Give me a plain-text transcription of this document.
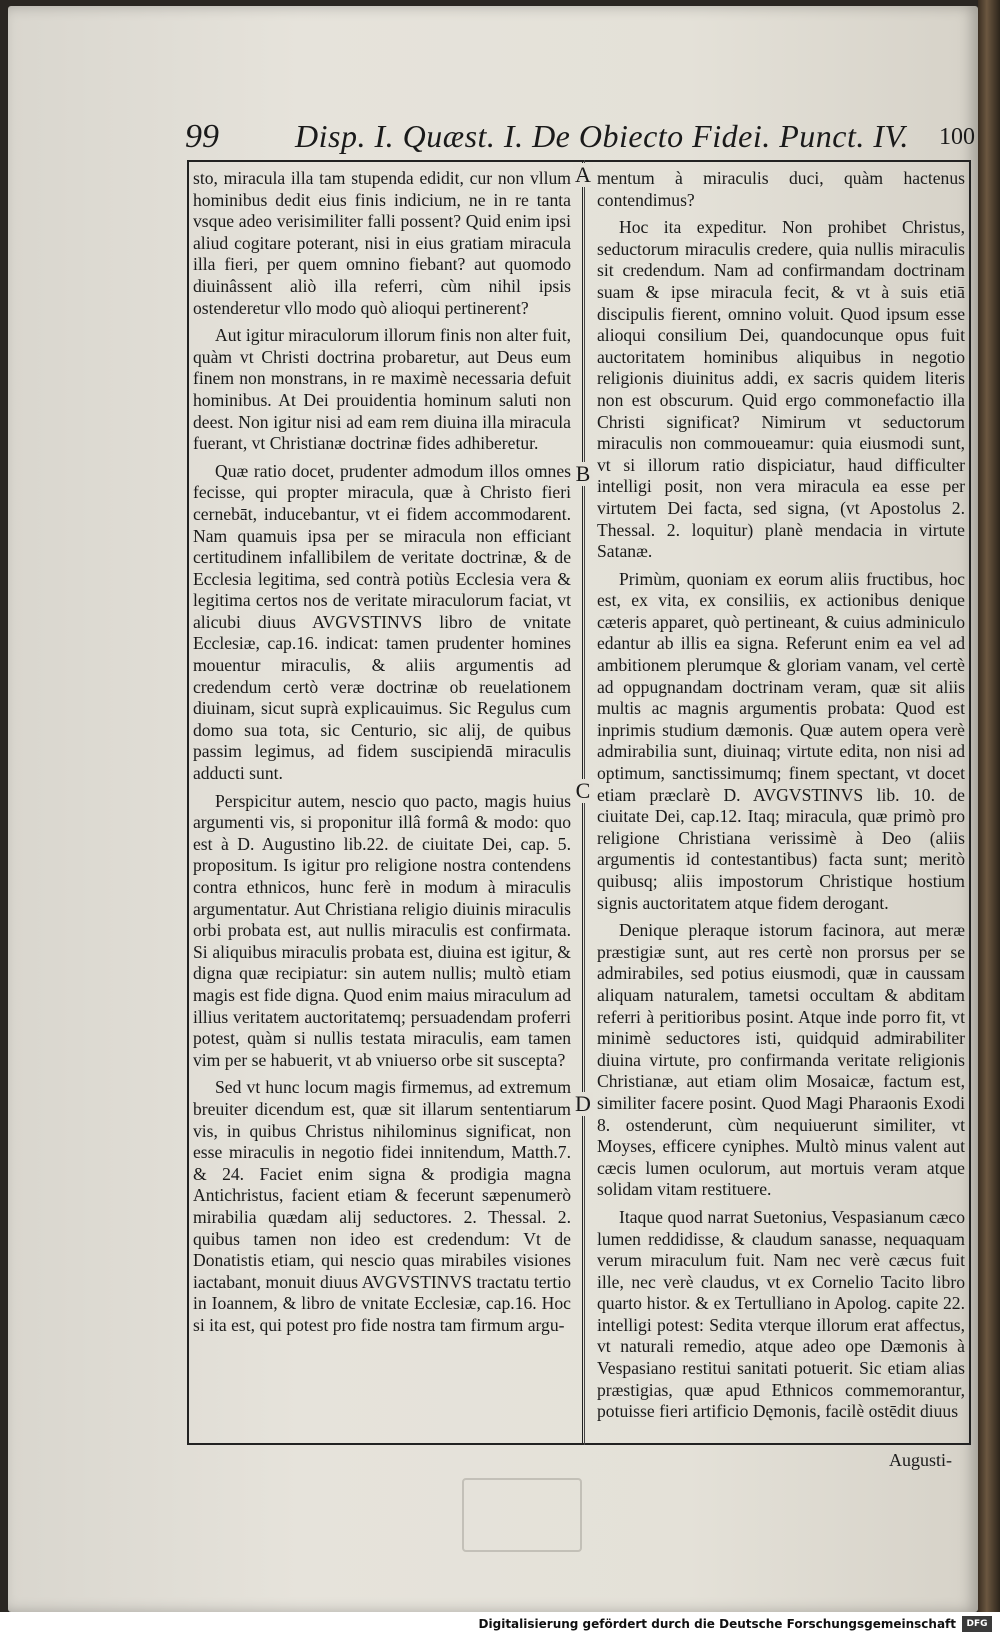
99 Disp. I. Quæst. I. De Obiecto Fidei. Punct. IV. 100

sto, miracula illa tam stupenda edidit, cur non vllum hominibus dedit eius finis indicium, ne in re tanta vsque adeo verisimiliter falli possent? Quid enim ipsi aliud cogitare poterant, nisi in eius gratiam miracula illa fieri, per quem omnino fiebant? aut quomodo diuinâssent aliò illa referri, cùm nihil ipsis ostenderetur vllo modo quò alioqui pertinerent?

Aut igitur miraculorum illorum finis non alter fuit, quàm vt Christi doctrina probaretur, aut Deus eum finem non monstrans, in re maximè necessaria defuit hominibus. At Dei prouidentia hominum saluti non deest. Non igitur nisi ad eam rem diuina illa miracula fuerant, vt Christianæ doctrinæ fides adhiberetur.

Quæ ratio docet, prudenter admodum illos omnes fecisse, qui propter miracula, quæ à Christo fieri cernebāt, inducebantur, vt ei fidem accommodarent. Nam quamuis ipsa per se miracula non efficiant certitudinem infallibilem de veritate doctrinæ, & de Ecclesia legitima, sed contrà potiùs Ecclesia vera & legitima certos nos de veritate miraculorum faciat, vt alicubi diuus AVGVSTINVS libro de vnitate Ecclesiæ, cap.16. indicat: tamen prudenter homines mouentur miraculis, & aliis argumentis ad credendum certò veræ doctrinæ ob reuelationem diuinam, sicut suprà explicauimus. Sic Regulus cum domo sua tota, sic Centurio, sic alij, de quibus passim legimus, ad fidem suscipiendā miraculis adducti sunt.

Perspicitur autem, nescio quo pacto, magis huius argumenti vis, si proponitur illâ formâ & modo: quo est à D. Augustino lib.22. de ciuitate Dei, cap. 5. propositum. Is igitur pro religione nostra contendens contra ethnicos, hunc ferè in modum à miraculis argumentatur. Aut Christiana religio diuinis miraculis orbi probata est, aut nullis miraculis est confirmata. Si aliquibus miraculis probata est, diuina est igitur, & digna quæ recipiatur: sin autem nullis; multò etiam magis est fide digna. Quod enim maius miraculum ad illius veritatem auctoritatemq; persuadendam proferri potest, quàm si nullis testata miraculis, eam tamen vim per se habuerit, vt ab vniuerso orbe sit suscepta?

Sed vt hunc locum magis firmemus, ad extremum breuiter dicendum est, quæ sit illarum sententiarum vis, in quibus Christus nihilominus significat, non esse miraculis in negotio fidei innitendum, Matth.7. & 24. Faciet enim signa & prodigia magna Antichristus, facient etiam & fecerunt sæpenumerò mirabilia quædam alij seductores. 2. Thessal. 2. quibus tamen non ideo est credendum: Vt de Donatistis etiam, qui nescio quas mirabiles visiones iactabant, monuit diuus AVGVSTINVS tractatu tertio in Ioannem, & libro de vnitate Ecclesiæ, cap.16. Hoc si ita est, qui potest pro fide nostra tam firmum argu-

mentum à miraculis duci, quàm hactenus contendimus?

Hoc ita expeditur. Non prohibet Christus, seductorum miraculis credere, quia nullis miraculis sit credendum. Nam ad confirmandam doctrinam suam & ipse miracula fecit, & vt à suis etiā discipulis fierent, omnino voluit. Quod ipsum esse alioqui consilium Dei, quandocunque opus fuit auctoritatem hominibus aliquibus in negotio religionis diuinitus addi, ex sacris quidem literis non est obscurum. Quid ergo commonefactio illa Christi significat? Nimirum vt seductorum miraculis non commoueamur: quia eiusmodi sunt, vt si illorum ratio dispiciatur, haud difficulter intelligi posit, non vera miracula ea esse per virtutem Dei facta, sed signa, (vt Apostolus 2. Thessal. 2. loquitur) planè mendacia in virtute Satanæ.

Primùm, quoniam ex eorum aliis fructibus, hoc est, ex vita, ex consiliis, ex actionibus denique cæteris apparet, quò pertineant, & cuius adminiculo edantur ab illis ea signa. Referunt enim ea vel ad ambitionem plerumque & gloriam vanam, vel certè ad oppugnandam doctrinam veram, quæ sit aliis multis ac magnis argumentis probata: Quod est inprimis studium dæmonis. Quæ autem opera verè admirabilia sunt, diuinaq; virtute edita, non nisi ad optimum, sanctissimumq; finem spectant, vt docet etiam præclarè D. AVGVSTINVS lib. 10. de ciuitate Dei, cap.12. Itaq; miracula, quæ primò pro religione Christiana verissimè à Deo (aliis argumentis id contestantibus) facta sunt; meritò quibusq; aliis impostorum Christique hostium signis auctoritatem atque fidem derogant.

Denique pleraque istorum facinora, aut meræ præstigiæ sunt, aut res certè non prorsus per se admirabiles, sed potius eiusmodi, quæ in caussam aliquam naturalem, tametsi occultam & abditam referri à peritioribus posint. Atque inde porro fit, vt minimè seductores isti, quidquid admirabiliter diuina virtute, pro confirmanda veritate religionis Christianæ, aut etiam olim Mosaicæ, factum est, similiter facere posint. Quod Magi Pharaonis Exodi 8. ostenderunt, cùm nequiuerunt similiter, vt Moyses, efficere cyniphes. Multò minus valent aut cæcis lumen oculorum, aut mortuis veram atque solidam vitam restituere.

Itaque quod narrat Suetonius, Vespasianum cæco lumen reddidisse, & claudum sanasse, nequaquam verum miraculum fuit. Nam nec verè cæcus fuit ille, nec verè claudus, vt ex Cornelio Tacito libro quarto histor. & ex Tertulliano in Apolog. capite 22. intelligi potest: Sedita vterque illorum erat affectus, vt naturali remedio, atque adeo ope Dæmonis à Vespasiano restitui sanitati potuerit. Sic etiam alias præstigias, quæ apud Ethnicos commemorantur, potuisse fieri artificio Dęmonis, facilè ostēdit diuus

A
B
C
D
Augusti-
Digitalisierung gefördert durch die Deutsche Forschungsgemeinschaft	DFG
